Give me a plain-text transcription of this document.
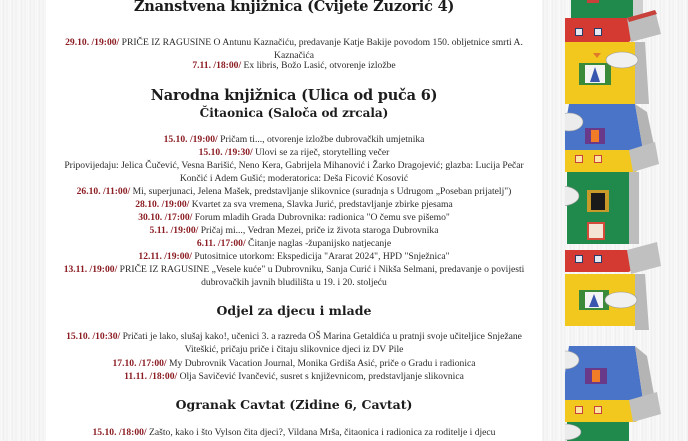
Znanstvena knjižnica (Cvijete Zuzorić 4)
29.10. /19:00/ PRIČE IZ RAGUSINE O Antunu Kaznačiću, predavanje Katje Bakije povodom 150. obljetnice smrti A.
Kaznačića
7.11. /18:00/ Ex libris, Božo Lasić, otvorenje izložbe
Narodna knjižnica (Ulica od puča 6)
Čitaonica (Saloča od zrcala)
15.10. /19:00/ Pričam ti..., otvorenje izložbe dubrovačkih umjetnika
15.10. /19:30/ Ulovi se za riječ, storytelling večer
Pripovijedaju: Jelica Čučević, Vesna Barišić, Neno Kera, Gabrijela Mihanović i Žarko Dragojević; glazba: Lucija Pečar
Končić i Adem Gušić; moderatorica: Deša Ficović Kosović
26.10. /11:00/ Mi, superjunaci, Jelena Mašek, predstavljanje slikovnice (suradnja s Udrugom „Poseban prijatelj")
28.10. /19:00/ Kvartet za sva vremena, Slavka Jurić, predstavljanje zbirke pjesama
30.10. /17:00/ Forum mladih Grada Dubrovnika: radionica "O čemu sve pišemo"
5.11. /19:00/ Pričaj mi..., Vedran Mezei, priče iz života staroga Dubrovnika
6.11. /17:00/ Čitanje naglas -županijsko natjecanje
12.11. /19:00/ Putositnice utorkom: Ekspedicija "Ararat 2024", HPD "Snježnica"
13.11. /19:00/ PRIČE IZ RAGUSINE „Vesele kuće" u Dubrovniku, Sanja Curić i Nikša Selmani, predavanje o povijesti
dubrovačkih javnih bludilišta u 19. i 20. stoljeću
Odjel za djecu i mlade
15.10. /10:30/ Pričati je lako, slušaj kako!, učenici 3. a razreda OŠ Marina Getaldića u pratnji svoje učiteljice Snježane
Viteškić, pričaju priče i čitaju slikovnice djeci iz DV Pile
17.10. /17:00/ My Dubrovnik Vacation Journal, Monika Grdiša Asić, priče o Gradu i radionica
11.11. /18:00/ Olja Savičević Ivančević, susret s književnicom, predstavljanje slikovnica
Ogranak Cavtat (Zidine 6, Cavtat)
15.10. /18:00/ Zašto, kako i što Vylson čita djeci?, Vildana Mrša, čitaonica i radionica za roditelje i djecu
